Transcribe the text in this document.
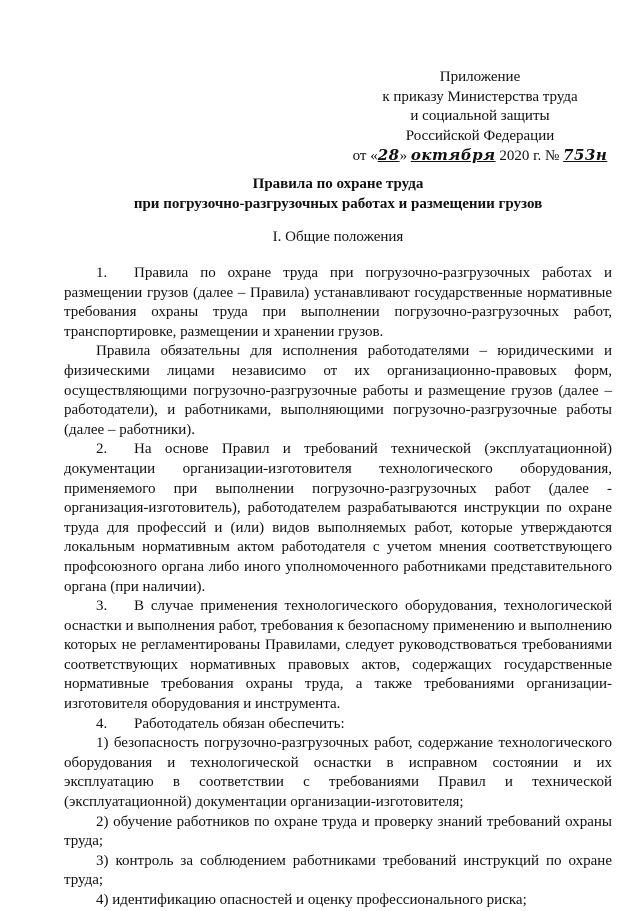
Приложение
к приказу Министерства труда
и социальной защиты
Российской Федерации
от «28» октября 2020 г. № 753н
Правила по охране труда
при погрузочно-разгрузочных работах и размещении грузов
I. Общие положения

1. Правила по охране труда при погрузочно-разгрузочных работах и размещении грузов (далее – Правила) устанавливают государственные нормативные требования охраны труда при выполнении погрузочно-разгрузочных работ, транспортировке, размещении и хранении грузов.

Правила обязательны для исполнения работодателями – юридическими и физическими лицами независимо от их организационно-правовых форм, осуществляющими погрузочно-разгрузочные работы и размещение грузов (далее – работодатели), и работниками, выполняющими погрузочно-разгрузочные работы (далее – работники).

2. На основе Правил и требований технической (эксплуатационной) документации организации-изготовителя технологического оборудования, применяемого при выполнении погрузочно-разгрузочных работ (далее - организация-изготовитель), работодателем разрабатываются инструкции по охране труда для профессий и (или) видов выполняемых работ, которые утверждаются локальным нормативным актом работодателя с учетом мнения соответствующего профсоюзного органа либо иного уполномоченного работниками представительного органа (при наличии).

3. В случае применения технологического оборудования, технологической оснастки и выполнения работ, требования к безопасному применению и выполнению которых не регламентированы Правилами, следует руководствоваться требованиями соответствующих нормативных правовых актов, содержащих государственные нормативные требования охраны труда, а также требованиями организации-изготовителя оборудования и инструмента.

4. Работодатель обязан обеспечить:

1) безопасность погрузочно-разгрузочных работ, содержание технологического оборудования и технологической оснастки в исправном состоянии и их эксплуатацию в соответствии с требованиями Правил и технической (эксплуатационной) документации организации-изготовителя;

2) обучение работников по охране труда и проверку знаний требований охраны труда;

3) контроль за соблюдением работниками требований инструкций по охране труда;

4) идентификацию опасностей и оценку профессионального риска;
